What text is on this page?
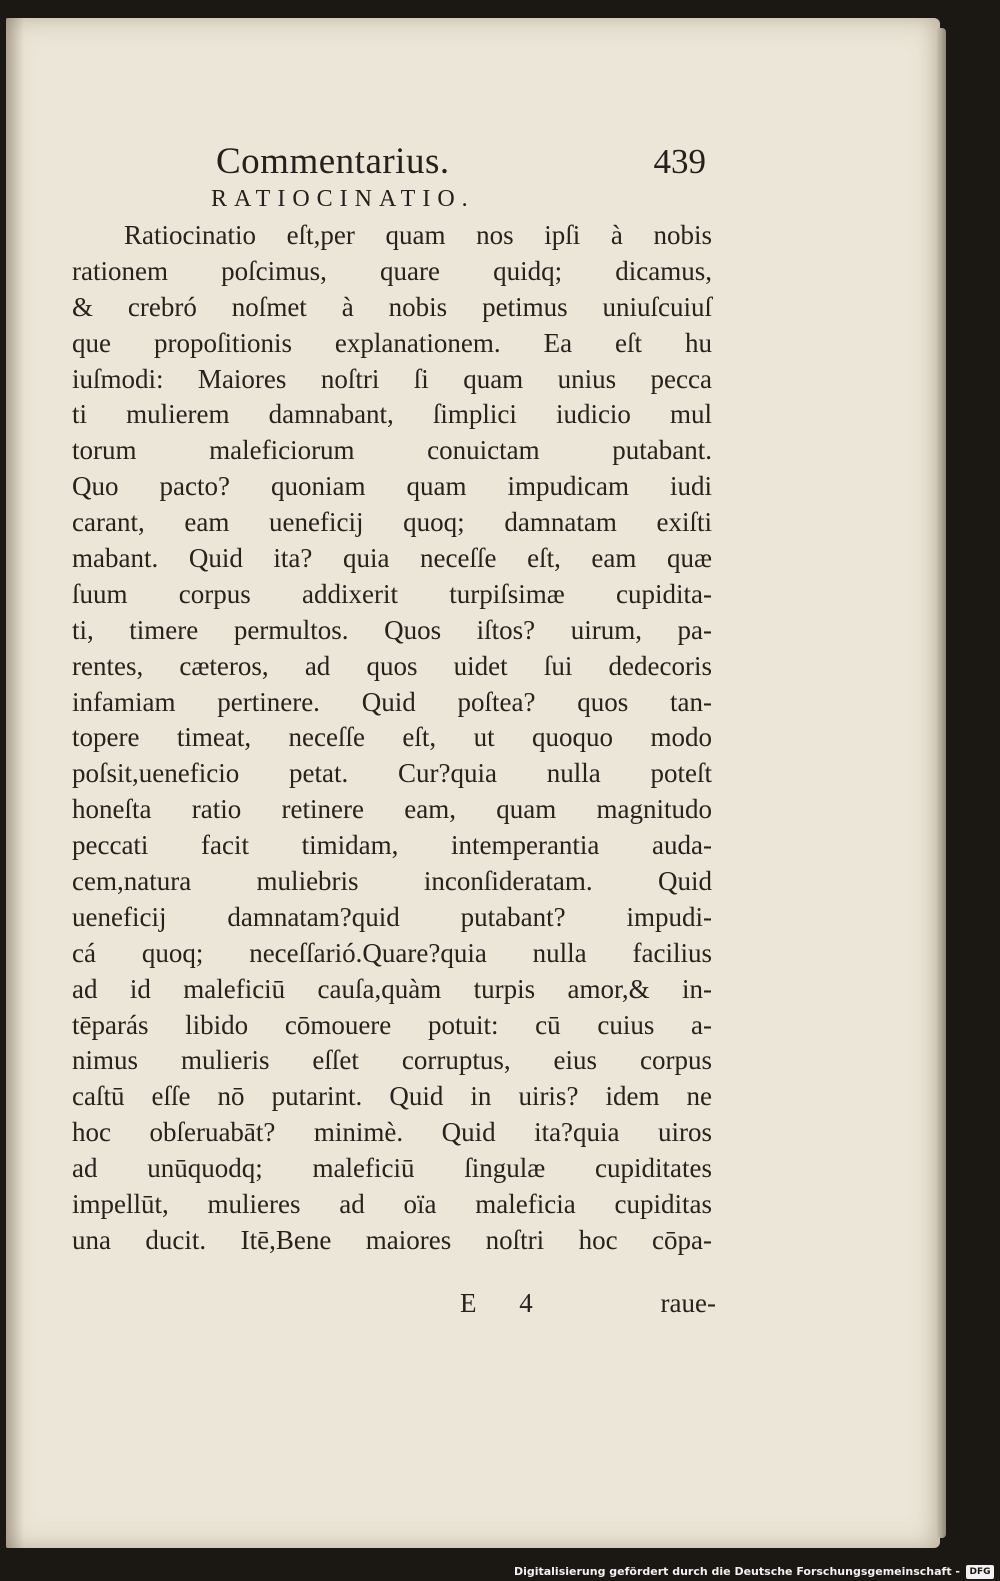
Commentarius.	439
RATIOCINATIO.
Ratiocinatio eſt,per quam nos ipſi à nobis
rationem poſcimus, quare quidq; dicamus,
& crebró noſmet à nobis petimus uniuſcuiuſ
que propoſitionis explanationem. Ea eſt hu
iuſmodi: Maiores noſtri ſi quam unius pecca
ti mulierem damnabant, ſimplici iudicio mul
torum maleficiorum conuictam putabant.
Quo pacto? quoniam quam impudicam iudi
carant, eam ueneficij quoq; damnatam exiſti
mabant. Quid ita? quia neceſſe eſt, eam quæ
ſuum corpus addixerit turpiſsimæ cupidita-
ti, timere permultos. Quos iſtos? uirum, pa-
rentes, cæteros, ad quos uidet ſui dedecoris
infamiam pertinere. Quid poſtea? quos tan-
topere timeat, neceſſe eſt, ut quoquo modo
poſsit,ueneficio petat. Cur?quia nulla poteſt
honeſta ratio retinere eam, quam magnitudo
peccati facit timidam, intemperantia auda-
cem,natura muliebris inconſideratam. Quid
ueneficij damnatam?quid putabant? impudi-
cá quoq; neceſſarió.Quare?quia nulla facilius
ad id maleficiū cauſa,quàm turpis amor,& in-
tēparás libido cōmouere potuit: cū cuius a-
nimus mulieris eſſet corruptus, eius corpus
caſtū eſſe nō putarint. Quid in uiris? idem ne
hoc obſeruabāt? minimè. Quid ita?quia uiros
ad unūquodq; maleficiū ſingulæ cupiditates
impellūt, mulieres ad oïa maleficia cupiditas
una ducit. Itē,Bene maiores noſtri hoc cōpa-
E 4	raue-
Digitalisierung gefördert durch die Deutsche Forschungsgemeinschaft -	DFG
